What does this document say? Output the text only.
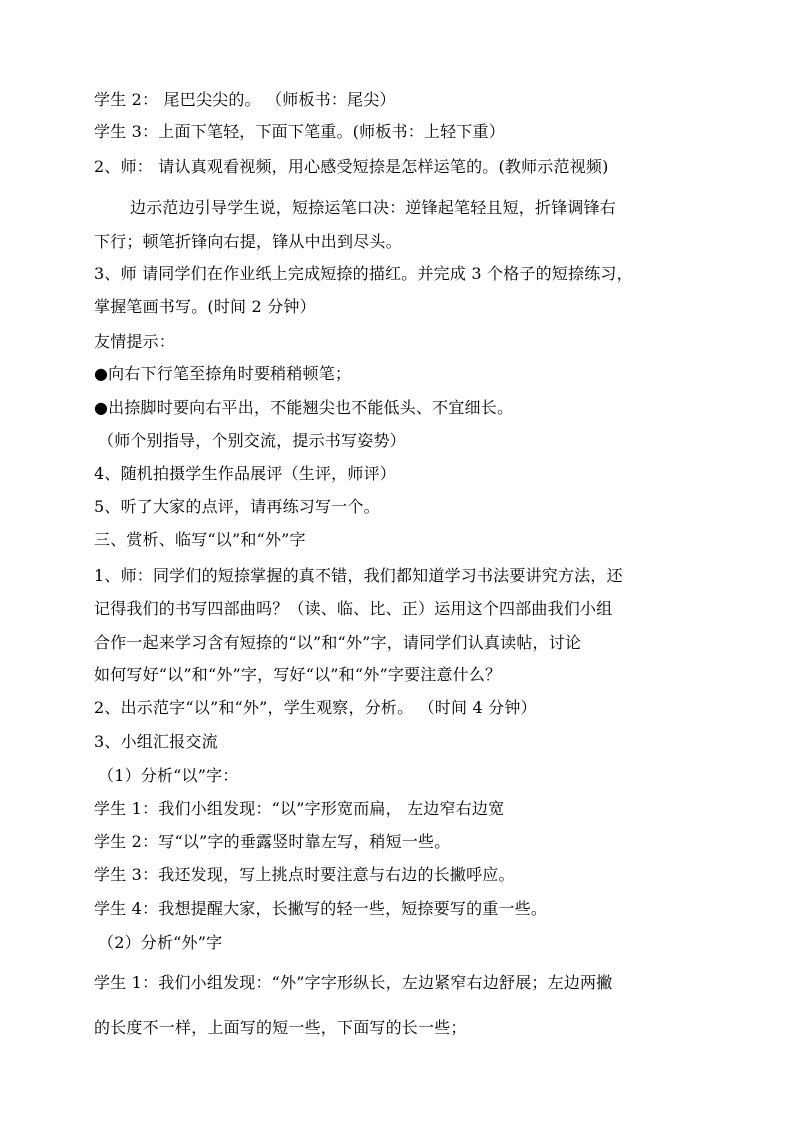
学生 2： 尾巴尖尖的。 （师板书：尾尖）
学生 3：上面下笔轻，下面下笔重。(师板书：上轻下重）
2、师： 请认真观看视频，用心感受短捺是怎样运笔的。(教师示范视频)
边示范边引导学生说，短捺运笔口决：逆锋起笔轻且短，折锋调锋右
下行；顿笔折锋向右提，锋从中出到尽头。
3、师 请同学们在作业纸上完成短捺的描红。并完成 3 个格子的短捺练习，
掌握笔画书写。(时间 2 分钟）
友情提示：
●向右下行笔至捺角时要稍稍顿笔；
●出捺脚时要向右平出，不能翘尖也不能低头、不宜细长。
（师个别指导，个别交流，提示书写姿势）
4、随机拍摄学生作品展评（生评，师评）
5、听了大家的点评，请再练习写一个。
三、赏析、临写“以”和“外”字
1、师：同学们的短捺掌握的真不错，我们都知道学习书法要讲究方法，还
记得我们的书写四部曲吗？（读、临、比、正）运用这个四部曲我们小组
合作一起来学习含有短捺的“以”和“外”字，请同学们认真读帖，讨论
如何写好“以”和“外”字，写好“以”和“外”字要注意什么？
2、出示范字“以”和“外”，学生观察，分析。 （时间 4 分钟）
3、小组汇报交流
（1）分析“以”字：
学生 1：我们小组发现：“以”字形宽而扁， 左边窄右边宽
学生 2：写“以”字的垂露竖时靠左写，稍短一些。
学生 3：我还发现，写上挑点时要注意与右边的长撇呼应。
学生 4：我想提醒大家，长撇写的轻一些，短捺要写的重一些。
（2）分析“外”字
学生 1：我们小组发现：“外”字字形纵长，左边紧窄右边舒展；左边两撇
的长度不一样，上面写的短一些，下面写的长一些；
